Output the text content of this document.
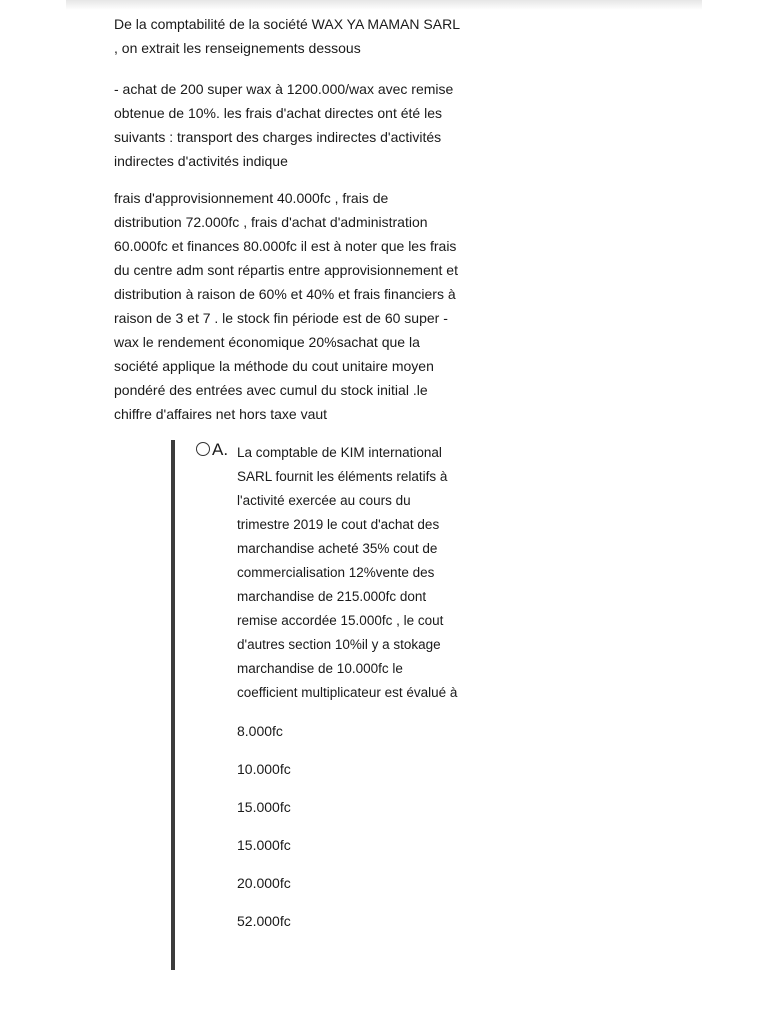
De la comptabilité de la société WAX YA MAMAN SARL
, on extrait les renseignements dessous

- achat de 200 super wax à 1200.000/wax avec remise
obtenue de 10%. les frais d'achat directes ont été les
suivants : transport des charges indirectes d'activités
indirectes d'activités indique

frais d'approvisionnement 40.000fc , frais de
distribution 72.000fc , frais d'achat d'administration
60.000fc et finances 80.000fc il est à noter que les frais
du centre adm sont répartis entre approvisionnement et
distribution à raison de 60% et 40% et frais financiers à
raison de 3 et 7 . le stock fin période est de 60 super -
wax le rendement économique 20%sachat que la
société applique la méthode du cout unitaire moyen
pondéré des entrées avec cumul du stock initial .le
chiffre d'affaires net hors taxe vaut

A. La comptable de KIM international
SARL fournit les éléments relatifs à
l'activité exercée au cours du
trimestre 2019 le cout d'achat des
marchandise acheté 35% cout de
commercialisation 12%vente des
marchandise de 215.000fc dont
remise accordée 15.000fc , le cout
d'autres section 10%il y a stokage
marchandise de 10.000fc le
coefficient multiplicateur est évalué à

8.000fc

10.000fc

15.000fc

15.000fc

20.000fc

52.000fc
